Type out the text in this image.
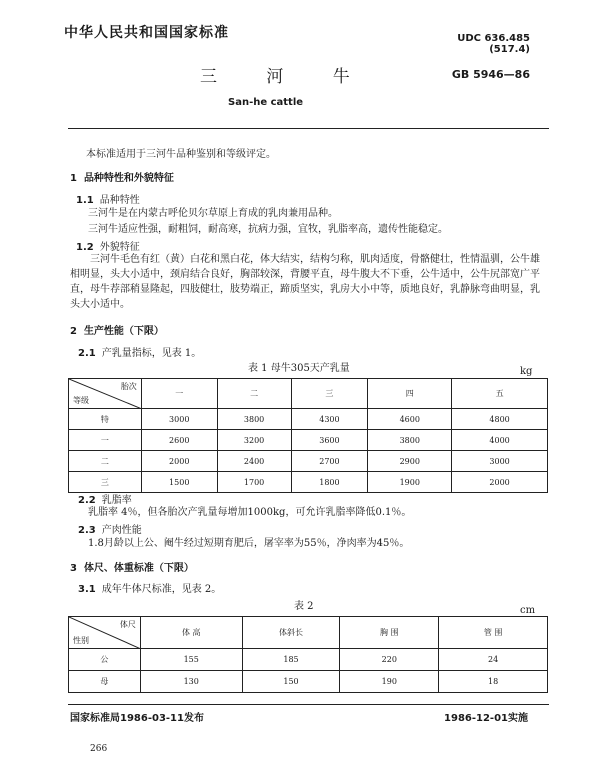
中华人民共和国国家标准	UDC 636.485
(517.4)
三 河 牛	GB 5946—86
San-he cattle
本标准适用于三河牛品种鉴别和等级评定。
1 品种特性和外貌特征
1.1 品种特性
三河牛是在内蒙古呼伦贝尔草原上育成的乳肉兼用品种。
三河牛适应性强，耐粗饲，耐高寒，抗病力强，宜牧，乳脂率高，遗传性能稳定。
1.2 外貌特征
三河牛毛色有红（黄）白花和黑白花，体大结实，结构匀称，肌肉适度，骨骼健壮，性情温驯，公牛雄相明显，头大小适中，颈肩结合良好，胸部较深，背腰平直，母牛腹大不下垂，公牛适中，公牛尻部宽广平直，母牛荐部稍显隆起，四肢健壮，肢势端正，蹄质坚实，乳房大小中等，质地良好，乳静脉弯曲明显，乳头大小适中。
2 生产性能（下限）
2.1 产乳量指标，见表 1。
表 1 母牛305天产乳量	kg
胎次
等级	一	二	三	四	五
特	3000	3800	4300	4600	4800
一	2600	3200	3600	3800	4000
二	2000	2400	2700	2900	3000
三	1500	1700	1800	1900	2000
2.2 乳脂率
乳脂率 4％，但各胎次产乳量每增加1000kg，可允许乳脂率降低0.1％。
2.3 产肉性能
1.8月龄以上公、阉牛经过短期育肥后，屠宰率为55％，净肉率为45％。
3 体尺、体重标准（下限）
3.1 成年牛体尺标准，见表 2。
表 2	cm
体尺
性别	体 高	体斜长	胸 围	管 围
公	155	185	220	24
母	130	150	190	18
国家标准局1986-03-11发布	1986-12-01实施
266
